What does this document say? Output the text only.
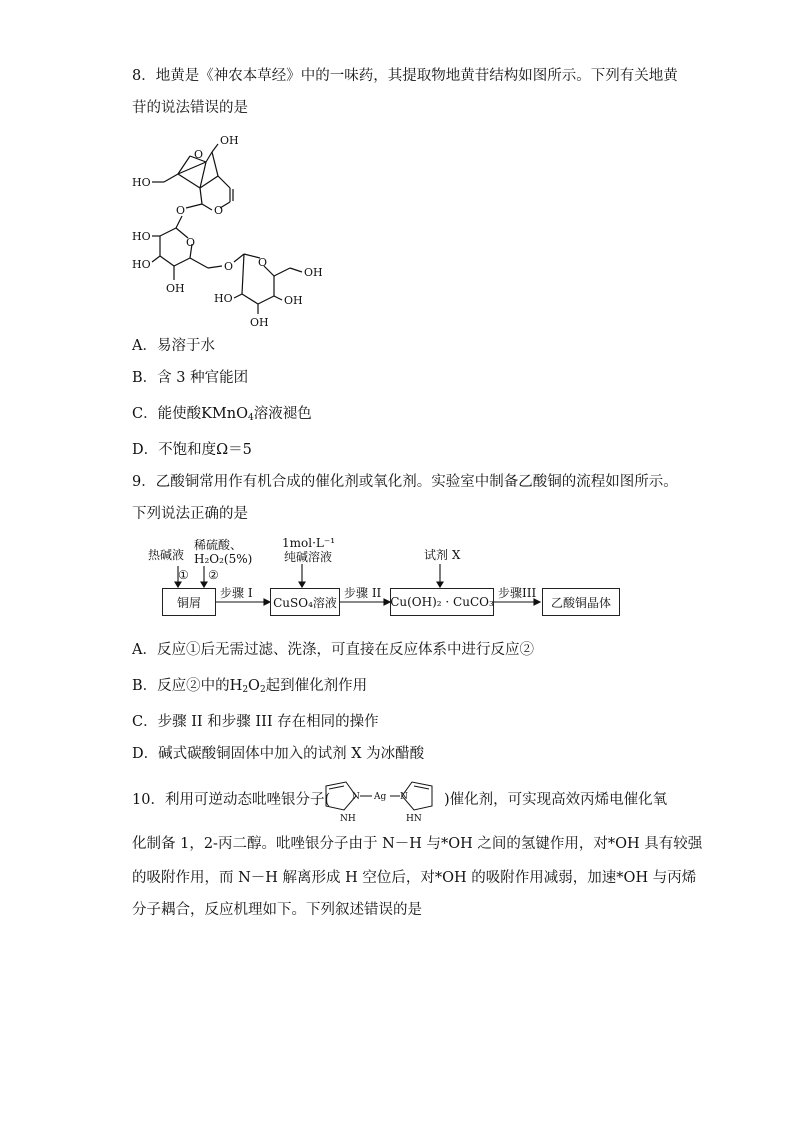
8．地黄是《神农本草经》中的一味药，其提取物地黄苷结构如图所示。下列有关地黄
苷的说法错误的是
O
OH
HO
O
O
O
HO
HO
OH
O O
OH
HO	OH
OH
A．易溶于水
B．含 3 种官能团
C．能使酸KMnO$_4$溶液褪色
D．不饱和度Ω＝5
9．乙酸铜常用作有机合成的催化剂或氧化剂。实验室中制备乙酸铜的流程如图所示。
下列说法正确的是
热碱液
稀硫酸、
H₂O₂(5%)
① ②
1mol·L⁻¹
纯碱溶液	试剂 X
步骤 I	步骤 II	步骤III
铜屑	CuSO₄溶液	Cu(OH)₂ · CuCO₃	乙酸铜晶体
A．反应①后无需过滤、洗涤，可直接在反应体系中进行反应②
B．反应②中的$H_2O_2$起到催化剂作用
C．步骤 II 和步骤 III 存在相同的操作
D．碱式碳酸铜固体中加入的试剂 X 为冰醋酸
10．利用可逆动态吡唑银分子( N Ag N
NH	HN
)催化剂，可实现高效丙烯电催化氧
化制备 1，2-丙二醇。吡唑银分子由于 N－H 与*OH 之间的氢键作用，对*OH 具有较强
的吸附作用，而 N－H 解离形成 H 空位后，对*OH 的吸附作用减弱，加速*OH 与丙烯
分子耦合，反应机理如下。下列叙述错误的是
